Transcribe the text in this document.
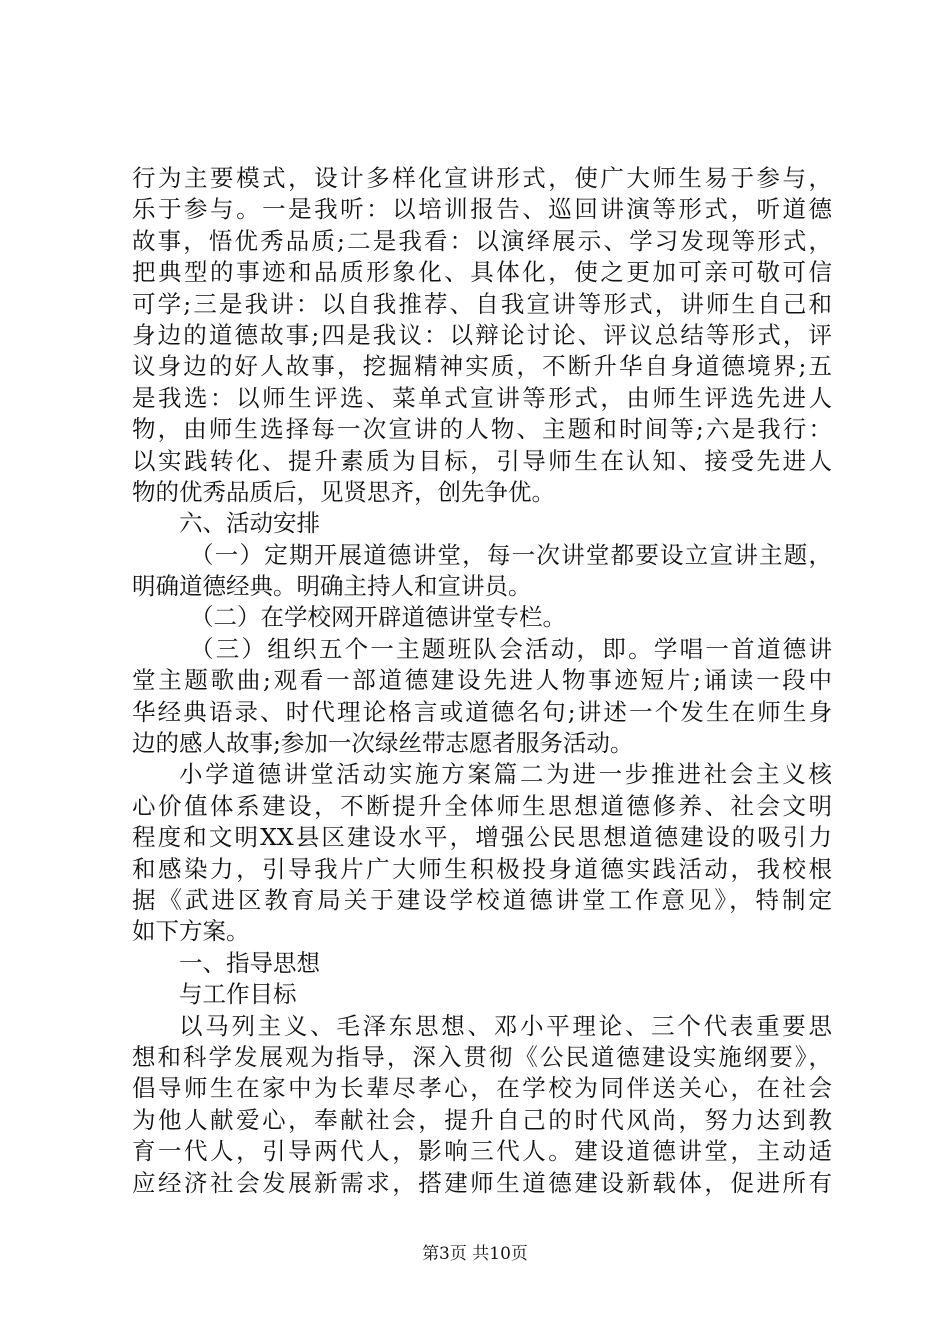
行为主要模式，设计多样化宣讲形式，使广大师生易于参与，
乐于参与。一是我听：以培训报告、巡回讲演等形式，听道德
故事，悟优秀品质;二是我看：以演绎展示、学习发现等形式，
把典型的事迹和品质形象化、具体化，使之更加可亲可敬可信
可学;三是我讲：以自我推荐、自我宣讲等形式，讲师生自己和
身边的道德故事;四是我议：以辩论讨论、评议总结等形式，评
议身边的好人故事，挖掘精神实质，不断升华自身道德境界;五
是我选：以师生评选、菜单式宣讲等形式，由师生评选先进人
物，由师生选择每一次宣讲的人物、主题和时间等;六是我行：
以实践转化、提升素质为目标，引导师生在认知、接受先进人
物的优秀品质后，见贤思齐，创先争优。
六、活动安排
（一）定期开展道德讲堂，每一次讲堂都要设立宣讲主题，
明确道德经典。明确主持人和宣讲员。
（二）在学校网开辟道德讲堂专栏。
（三）组织五个一主题班队会活动，即。学唱一首道德讲
堂主题歌曲;观看一部道德建设先进人物事迹短片;诵读一段中
华经典语录、时代理论格言或道德名句;讲述一个发生在师生身
边的感人故事;参加一次绿丝带志愿者服务活动。
小学道德讲堂活动实施方案篇二为进一步推进社会主义核
心价值体系建设，不断提升全体师生思想道德修养、社会文明
程度和文明XX县区建设水平，增强公民思想道德建设的吸引力
和感染力，引导我片广大师生积极投身道德实践活动，我校根
据《武进区教育局关于建设学校道德讲堂工作意见》，特制定
如下方案。
一、指导思想
与工作目标
以马列主义、毛泽东思想、邓小平理论、三个代表重要思
想和科学发展观为指导，深入贯彻《公民道德建设实施纲要》，
倡导师生在家中为长辈尽孝心，在学校为同伴送关心，在社会
为他人献爱心，奉献社会，提升自己的时代风尚，努力达到教
育一代人，引导两代人，影响三代人。建设道德讲堂，主动适
应经济社会发展新需求，搭建师生道德建设新载体，促进所有
第3页 共10页
